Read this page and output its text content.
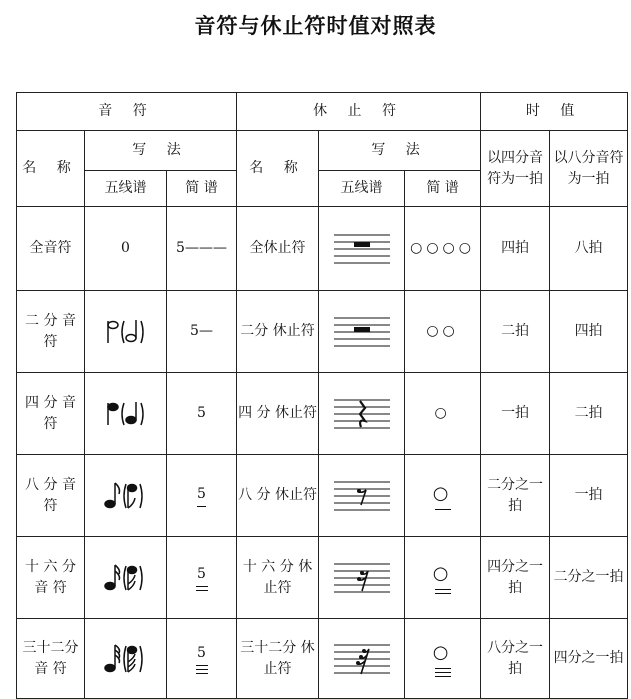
音符与休止符时值对照表
音 符			休 止 符			时 值	
名 称	写 法		名 称	写 法		以四分音符为一拍	以八分音符为一拍
	五线谱	简 谱		五线谱	简 谱		
全音符	0	5———	全休止符		○○○○	四拍	八拍
二 分 音 符		5—	二分 休止符		○○	二拍	四拍
四 分 音 符		5	四 分 休止符		○	一拍	二拍
八 分 音 符		5	八 分 休止符		○	二分之一拍	一拍
十 六 分 音 符		5	十 六 分 休止符		○	四分之一拍	二分之一拍
三十二分 音 符		5	三十二分 休止符		○	八分之一拍	四分之一拍
